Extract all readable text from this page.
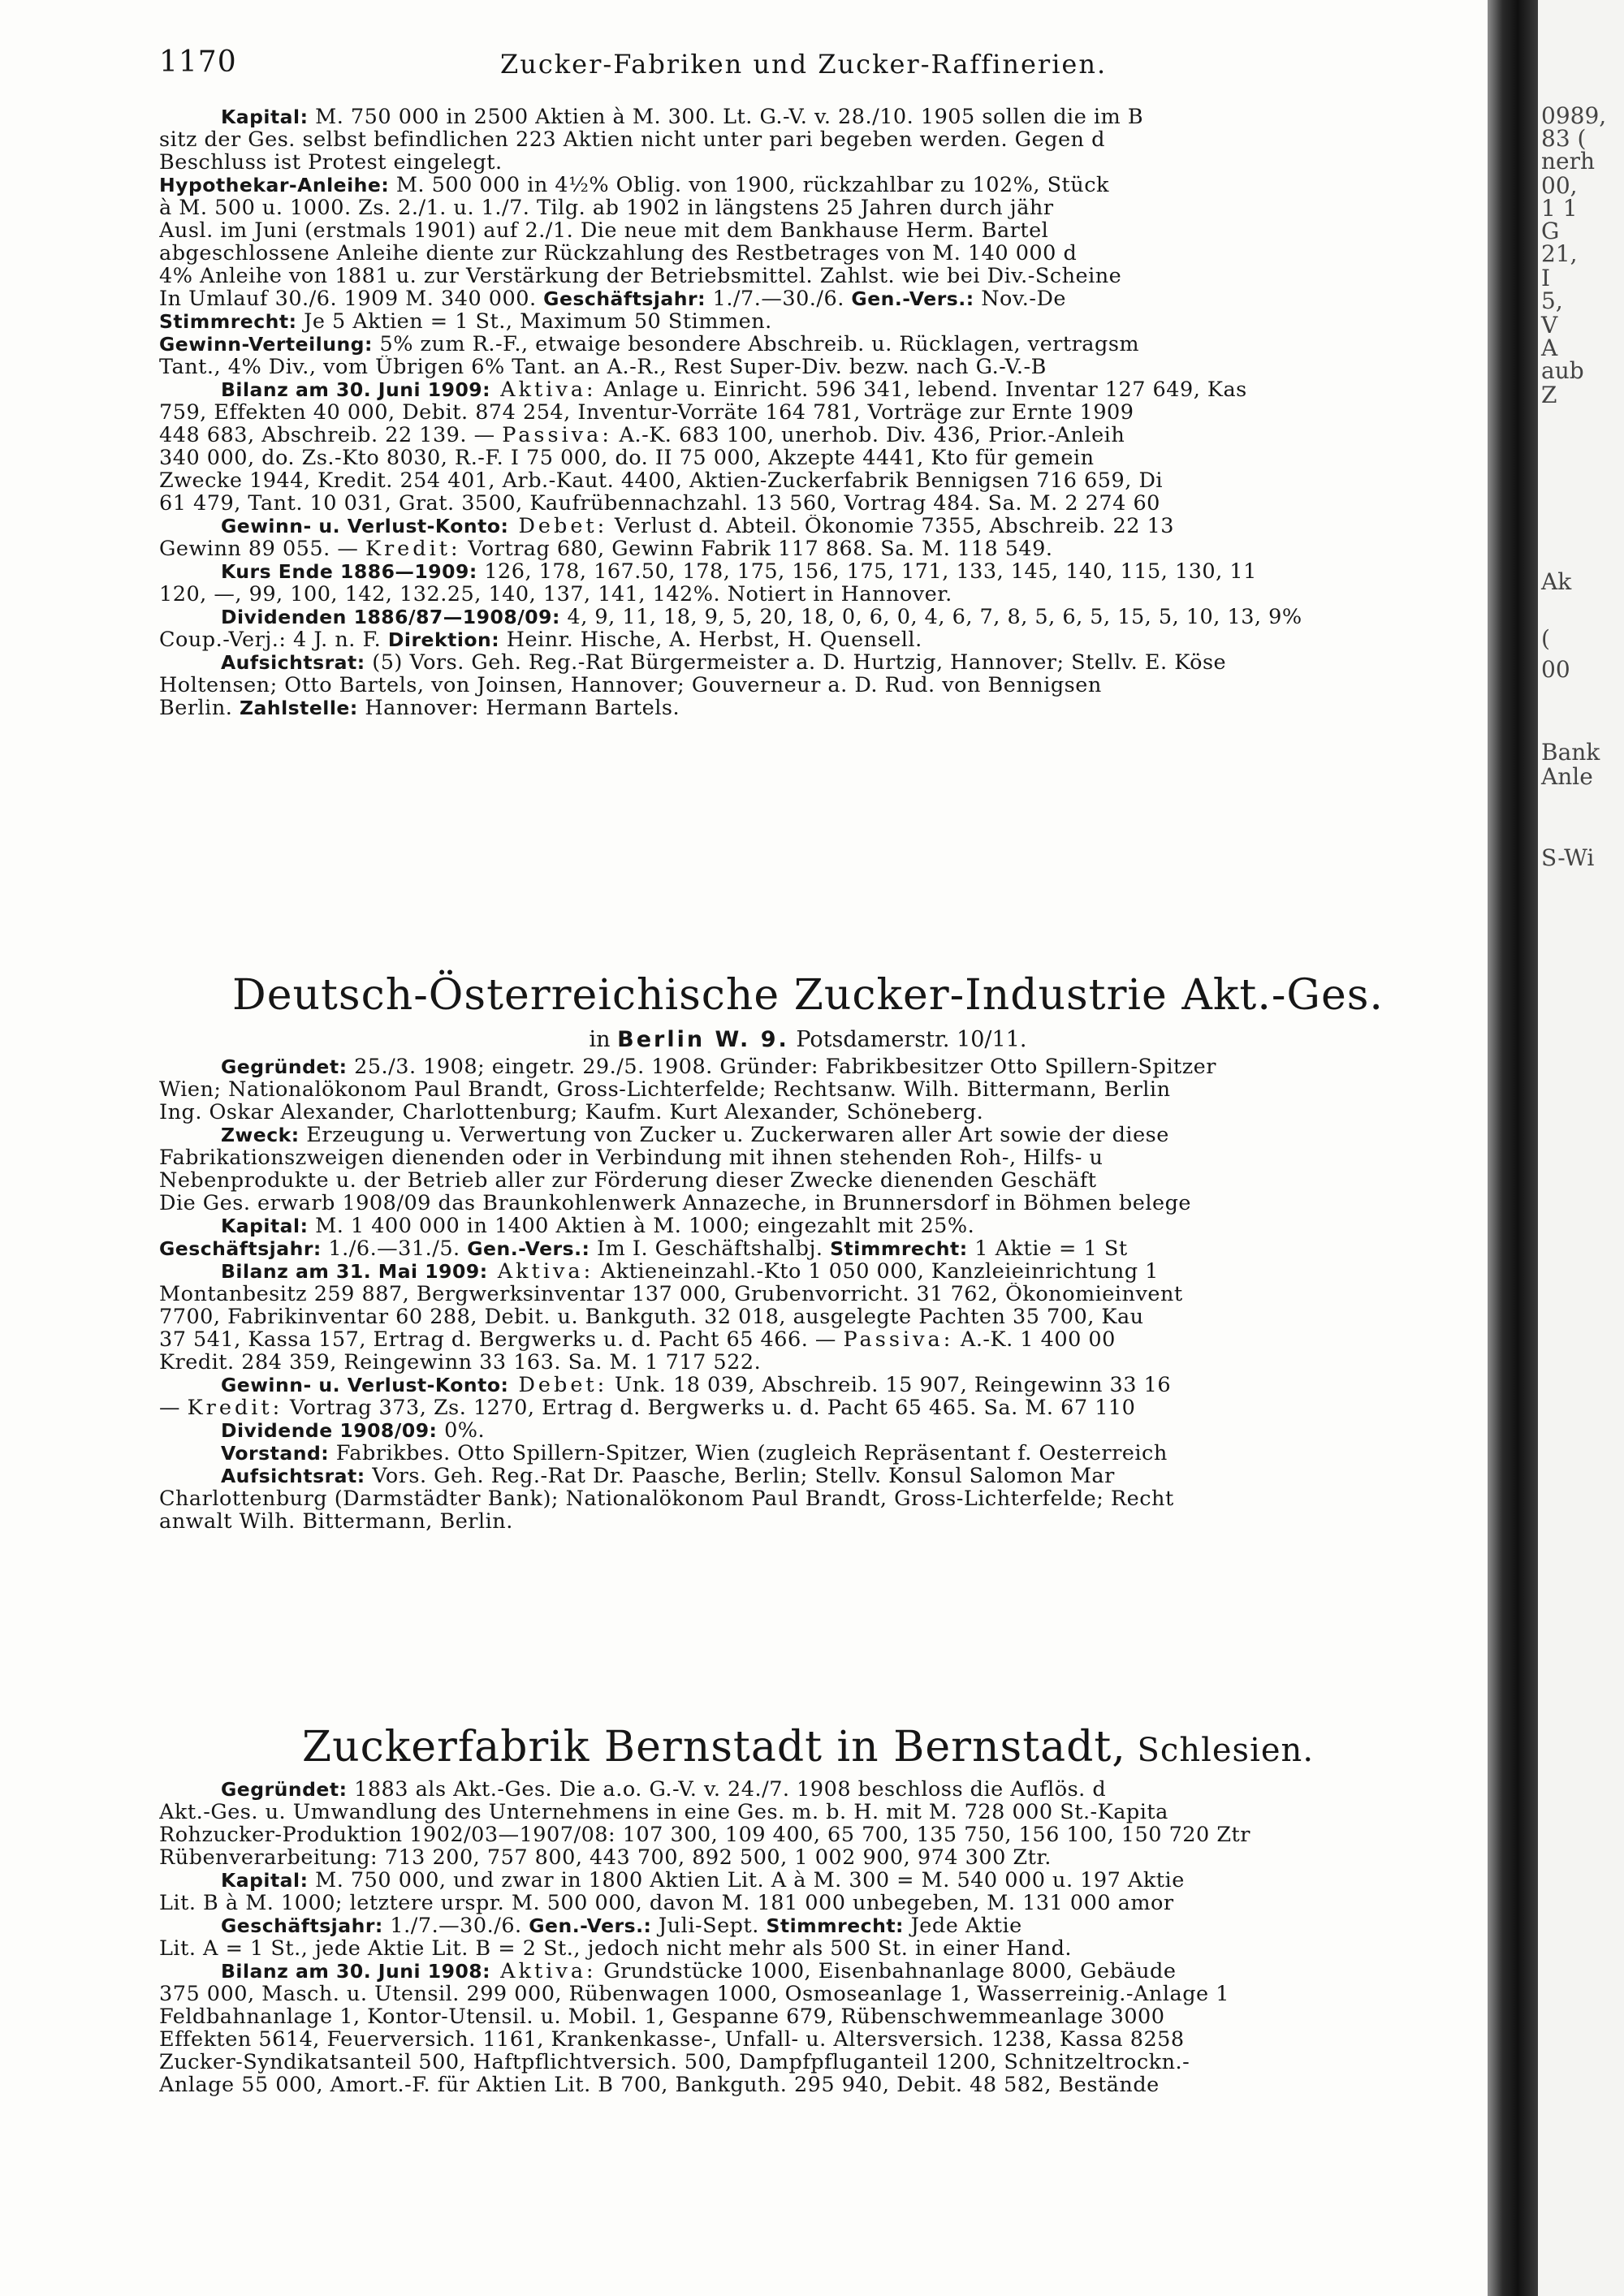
1170	Zucker-Fabriken und Zucker-Raffinerien.
Kapital: M. 750 000 in 2500 Aktien à M. 300. Lt. G.-V. v. 28./10. 1905 sollen die im B
sitz der Ges. selbst befindlichen 223 Aktien nicht unter pari begeben werden. Gegen d
Beschluss ist Protest eingelegt.
Hypothekar-Anleihe: M. 500 000 in 4½% Oblig. von 1900, rückzahlbar zu 102%, Stück
à M. 500 u. 1000. Zs. 2./1. u. 1./7. Tilg. ab 1902 in längstens 25 Jahren durch jähr
Ausl. im Juni (erstmals 1901) auf 2./1. Die neue mit dem Bankhause Herm. Bartel
abgeschlossene Anleihe diente zur Rückzahlung des Restbetrages von M. 140 000 d
4% Anleihe von 1881 u. zur Verstärkung der Betriebsmittel. Zahlst. wie bei Div.-Scheine
In Umlauf 30./6. 1909 M. 340 000. Geschäftsjahr: 1./7.—30./6. Gen.-Vers.: Nov.-De
Stimmrecht: Je 5 Aktien = 1 St., Maximum 50 Stimmen.
Gewinn-Verteilung: 5% zum R.-F., etwaige besondere Abschreib. u. Rücklagen, vertragsm
Tant., 4% Div., vom Übrigen 6% Tant. an A.-R., Rest Super-Div. bezw. nach G.-V.-B
Bilanz am 30. Juni 1909: Aktiva: Anlage u. Einricht. 596 341, lebend. Inventar 127 649, Kas
759, Effekten 40 000, Debit. 874 254, Inventur-Vorräte 164 781, Vorträge zur Ernte 1909
448 683, Abschreib. 22 139. — Passiva: A.-K. 683 100, unerhob. Div. 436, Prior.-Anleih
340 000, do. Zs.-Kto 8030, R.-F. I 75 000, do. II 75 000, Akzepte 4441, Kto für gemein
Zwecke 1944, Kredit. 254 401, Arb.-Kaut. 4400, Aktien-Zuckerfabrik Bennigsen 716 659, Di
61 479, Tant. 10 031, Grat. 3500, Kaufrübennachzahl. 13 560, Vortrag 484. Sa. M. 2 274 60
Gewinn- u. Verlust-Konto: Debet: Verlust d. Abteil. Ökonomie 7355, Abschreib. 22 13
Gewinn 89 055. — Kredit: Vortrag 680, Gewinn Fabrik 117 868. Sa. M. 118 549.
Kurs Ende 1886—1909: 126, 178, 167.50, 178, 175, 156, 175, 171, 133, 145, 140, 115, 130, 11
120, —, 99, 100, 142, 132.25, 140, 137, 141, 142%. Notiert in Hannover.
Dividenden 1886/87—1908/09: 4, 9, 11, 18, 9, 5, 20, 18, 0, 6, 0, 4, 6, 7, 8, 5, 6, 5, 15, 5, 10, 13, 9%
Coup.-Verj.: 4 J. n. F. Direktion: Heinr. Hische, A. Herbst, H. Quensell.
Aufsichtsrat: (5) Vors. Geh. Reg.-Rat Bürgermeister a. D. Hurtzig, Hannover; Stellv. E. Köse
Holtensen; Otto Bartels, von Joinsen, Hannover; Gouverneur a. D. Rud. von Bennigsen
Berlin. Zahlstelle: Hannover: Hermann Bartels.
Deutsch-Österreichische Zucker-Industrie Akt.-Ges.
in Berlin W. 9. Potsdamerstr. 10/11.
Gegründet: 25./3. 1908; eingetr. 29./5. 1908. Gründer: Fabrikbesitzer Otto Spillern-Spitzer
Wien; Nationalökonom Paul Brandt, Gross-Lichterfelde; Rechtsanw. Wilh. Bittermann, Berlin
Ing. Oskar Alexander, Charlottenburg; Kaufm. Kurt Alexander, Schöneberg.
Zweck: Erzeugung u. Verwertung von Zucker u. Zuckerwaren aller Art sowie der diese
Fabrikationszweigen dienenden oder in Verbindung mit ihnen stehenden Roh-, Hilfs- u
Nebenprodukte u. der Betrieb aller zur Förderung dieser Zwecke dienenden Geschäft
Die Ges. erwarb 1908/09 das Braunkohlenwerk Annazeche, in Brunnersdorf in Böhmen belege
Kapital: M. 1 400 000 in 1400 Aktien à M. 1000; eingezahlt mit 25%.
Geschäftsjahr: 1./6.—31./5. Gen.-Vers.: Im I. Geschäftshalbj. Stimmrecht: 1 Aktie = 1 St
Bilanz am 31. Mai 1909: Aktiva: Aktieneinzahl.-Kto 1 050 000, Kanzleieinrichtung 1
Montanbesitz 259 887, Bergwerksinventar 137 000, Grubenvorricht. 31 762, Ökonomieinvent
7700, Fabrikinventar 60 288, Debit. u. Bankguth. 32 018, ausgelegte Pachten 35 700, Kau
37 541, Kassa 157, Ertrag d. Bergwerks u. d. Pacht 65 466. — Passiva: A.-K. 1 400 00
Kredit. 284 359, Reingewinn 33 163. Sa. M. 1 717 522.
Gewinn- u. Verlust-Konto: Debet: Unk. 18 039, Abschreib. 15 907, Reingewinn 33 16
— Kredit: Vortrag 373, Zs. 1270, Ertrag d. Bergwerks u. d. Pacht 65 465. Sa. M. 67 110
Dividende 1908/09: 0%.
Vorstand: Fabrikbes. Otto Spillern-Spitzer, Wien (zugleich Repräsentant f. Oesterreich
Aufsichtsrat: Vors. Geh. Reg.-Rat Dr. Paasche, Berlin; Stellv. Konsul Salomon Mar
Charlottenburg (Darmstädter Bank); Nationalökonom Paul Brandt, Gross-Lichterfelde; Recht
anwalt Wilh. Bittermann, Berlin.
Zuckerfabrik Bernstadt in Bernstadt, Schlesien.
Gegründet: 1883 als Akt.-Ges. Die a.o. G.-V. v. 24./7. 1908 beschloss die Auflös. d
Akt.-Ges. u. Umwandlung des Unternehmens in eine Ges. m. b. H. mit M. 728 000 St.-Kapita
Rohzucker-Produktion 1902/03—1907/08: 107 300, 109 400, 65 700, 135 750, 156 100, 150 720 Ztr
Rübenverarbeitung: 713 200, 757 800, 443 700, 892 500, 1 002 900, 974 300 Ztr.
Kapital: M. 750 000, und zwar in 1800 Aktien Lit. A à M. 300 = M. 540 000 u. 197 Aktie
Lit. B à M. 1000; letztere urspr. M. 500 000, davon M. 181 000 unbegeben, M. 131 000 amor
Geschäftsjahr: 1./7.—30./6. Gen.-Vers.: Juli-Sept. Stimmrecht: Jede Aktie
Lit. A = 1 St., jede Aktie Lit. B = 2 St., jedoch nicht mehr als 500 St. in einer Hand.
Bilanz am 30. Juni 1908: Aktiva: Grundstücke 1000, Eisenbahnanlage 8000, Gebäude
375 000, Masch. u. Utensil. 299 000, Rübenwagen 1000, Osmoseanlage 1, Wasserreinig.-Anlage 1
Feldbahnanlage 1, Kontor-Utensil. u. Mobil. 1, Gespanne 679, Rübenschwemmeanlage 3000
Effekten 5614, Feuerversich. 1161, Krankenkasse-, Unfall- u. Altersversich. 1238, Kassa 8258
Zucker-Syndikatsanteil 500, Haftpflichtversich. 500, Dampfpfluganteil 1200, Schnitzeltrockn.-
Anlage 55 000, Amort.-F. für Aktien Lit. B 700, Bankguth. 295 940, Debit. 48 582, Bestände
0989,
83 (
nerh
00,
1 1
G
21,
I
5,
V
A
aub
Z
Ak
(
00
Bank
Anle
S-Wi
